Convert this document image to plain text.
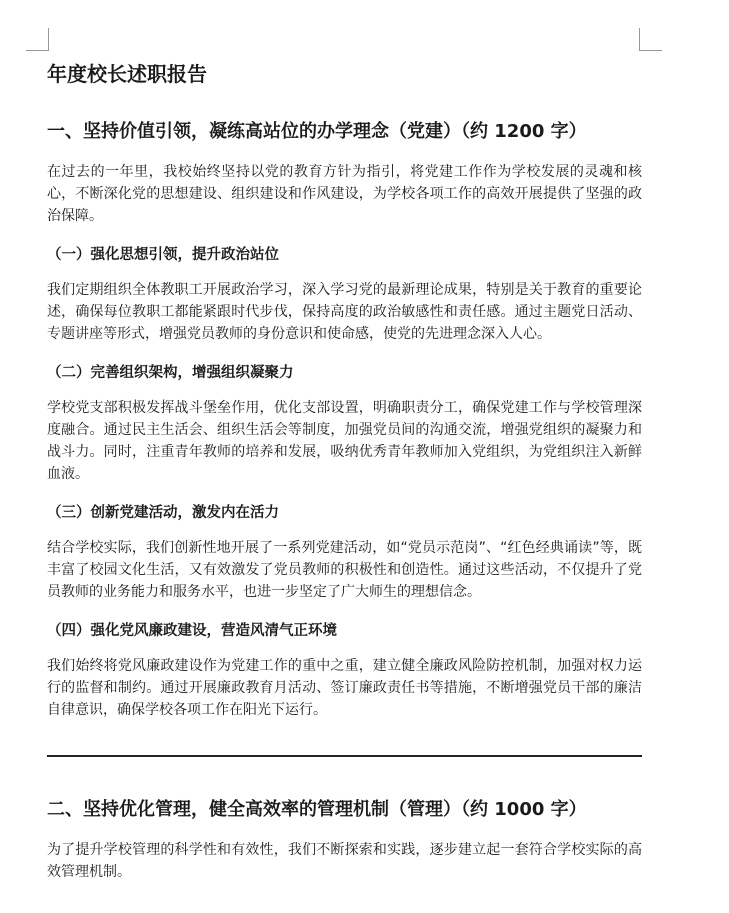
年度校长述职报告
一、坚持价值引领，凝练高站位的办学理念（党建）（约 1200 字）

在过去的一年里，我校始终坚持以党的教育方针为指引，将党建工作作为学校发展的灵魂和核心，不断深化党的思想建设、组织建设和作风建设，为学校各项工作的高效开展提供了坚强的政治保障。

（一）强化思想引领，提升政治站位

我们定期组织全体教职工开展政治学习，深入学习党的最新理论成果，特别是关于教育的重要论述，确保每位教职工都能紧跟时代步伐，保持高度的政治敏感性和责任感。通过主题党日活动、专题讲座等形式，增强党员教师的身份意识和使命感，使党的先进理念深入人心。

（二）完善组织架构，增强组织凝聚力

学校党支部积极发挥战斗堡垒作用，优化支部设置，明确职责分工，确保党建工作与学校管理深度融合。通过民主生活会、组织生活会等制度，加强党员间的沟通交流，增强党组织的凝聚力和战斗力。同时，注重青年教师的培养和发展，吸纳优秀青年教师加入党组织，为党组织注入新鲜血液。

（三）创新党建活动，激发内在活力

结合学校实际，我们创新性地开展了一系列党建活动，如“党员示范岗”、“红色经典诵读”等，既丰富了校园文化生活，又有效激发了党员教师的积极性和创造性。通过这些活动，不仅提升了党员教师的业务能力和服务水平，也进一步坚定了广大师生的理想信念。

（四）强化党风廉政建设，营造风清气正环境

我们始终将党风廉政建设作为党建工作的重中之重，建立健全廉政风险防控机制，加强对权力运行的监督和制约。通过开展廉政教育月活动、签订廉政责任书等措施，不断增强党员干部的廉洁自律意识，确保学校各项工作在阳光下运行。

二、坚持优化管理，健全高效率的管理机制（管理）（约 1000 字）

为了提升学校管理的科学性和有效性，我们不断探索和实践，逐步建立起一套符合学校实际的高效管理机制。
